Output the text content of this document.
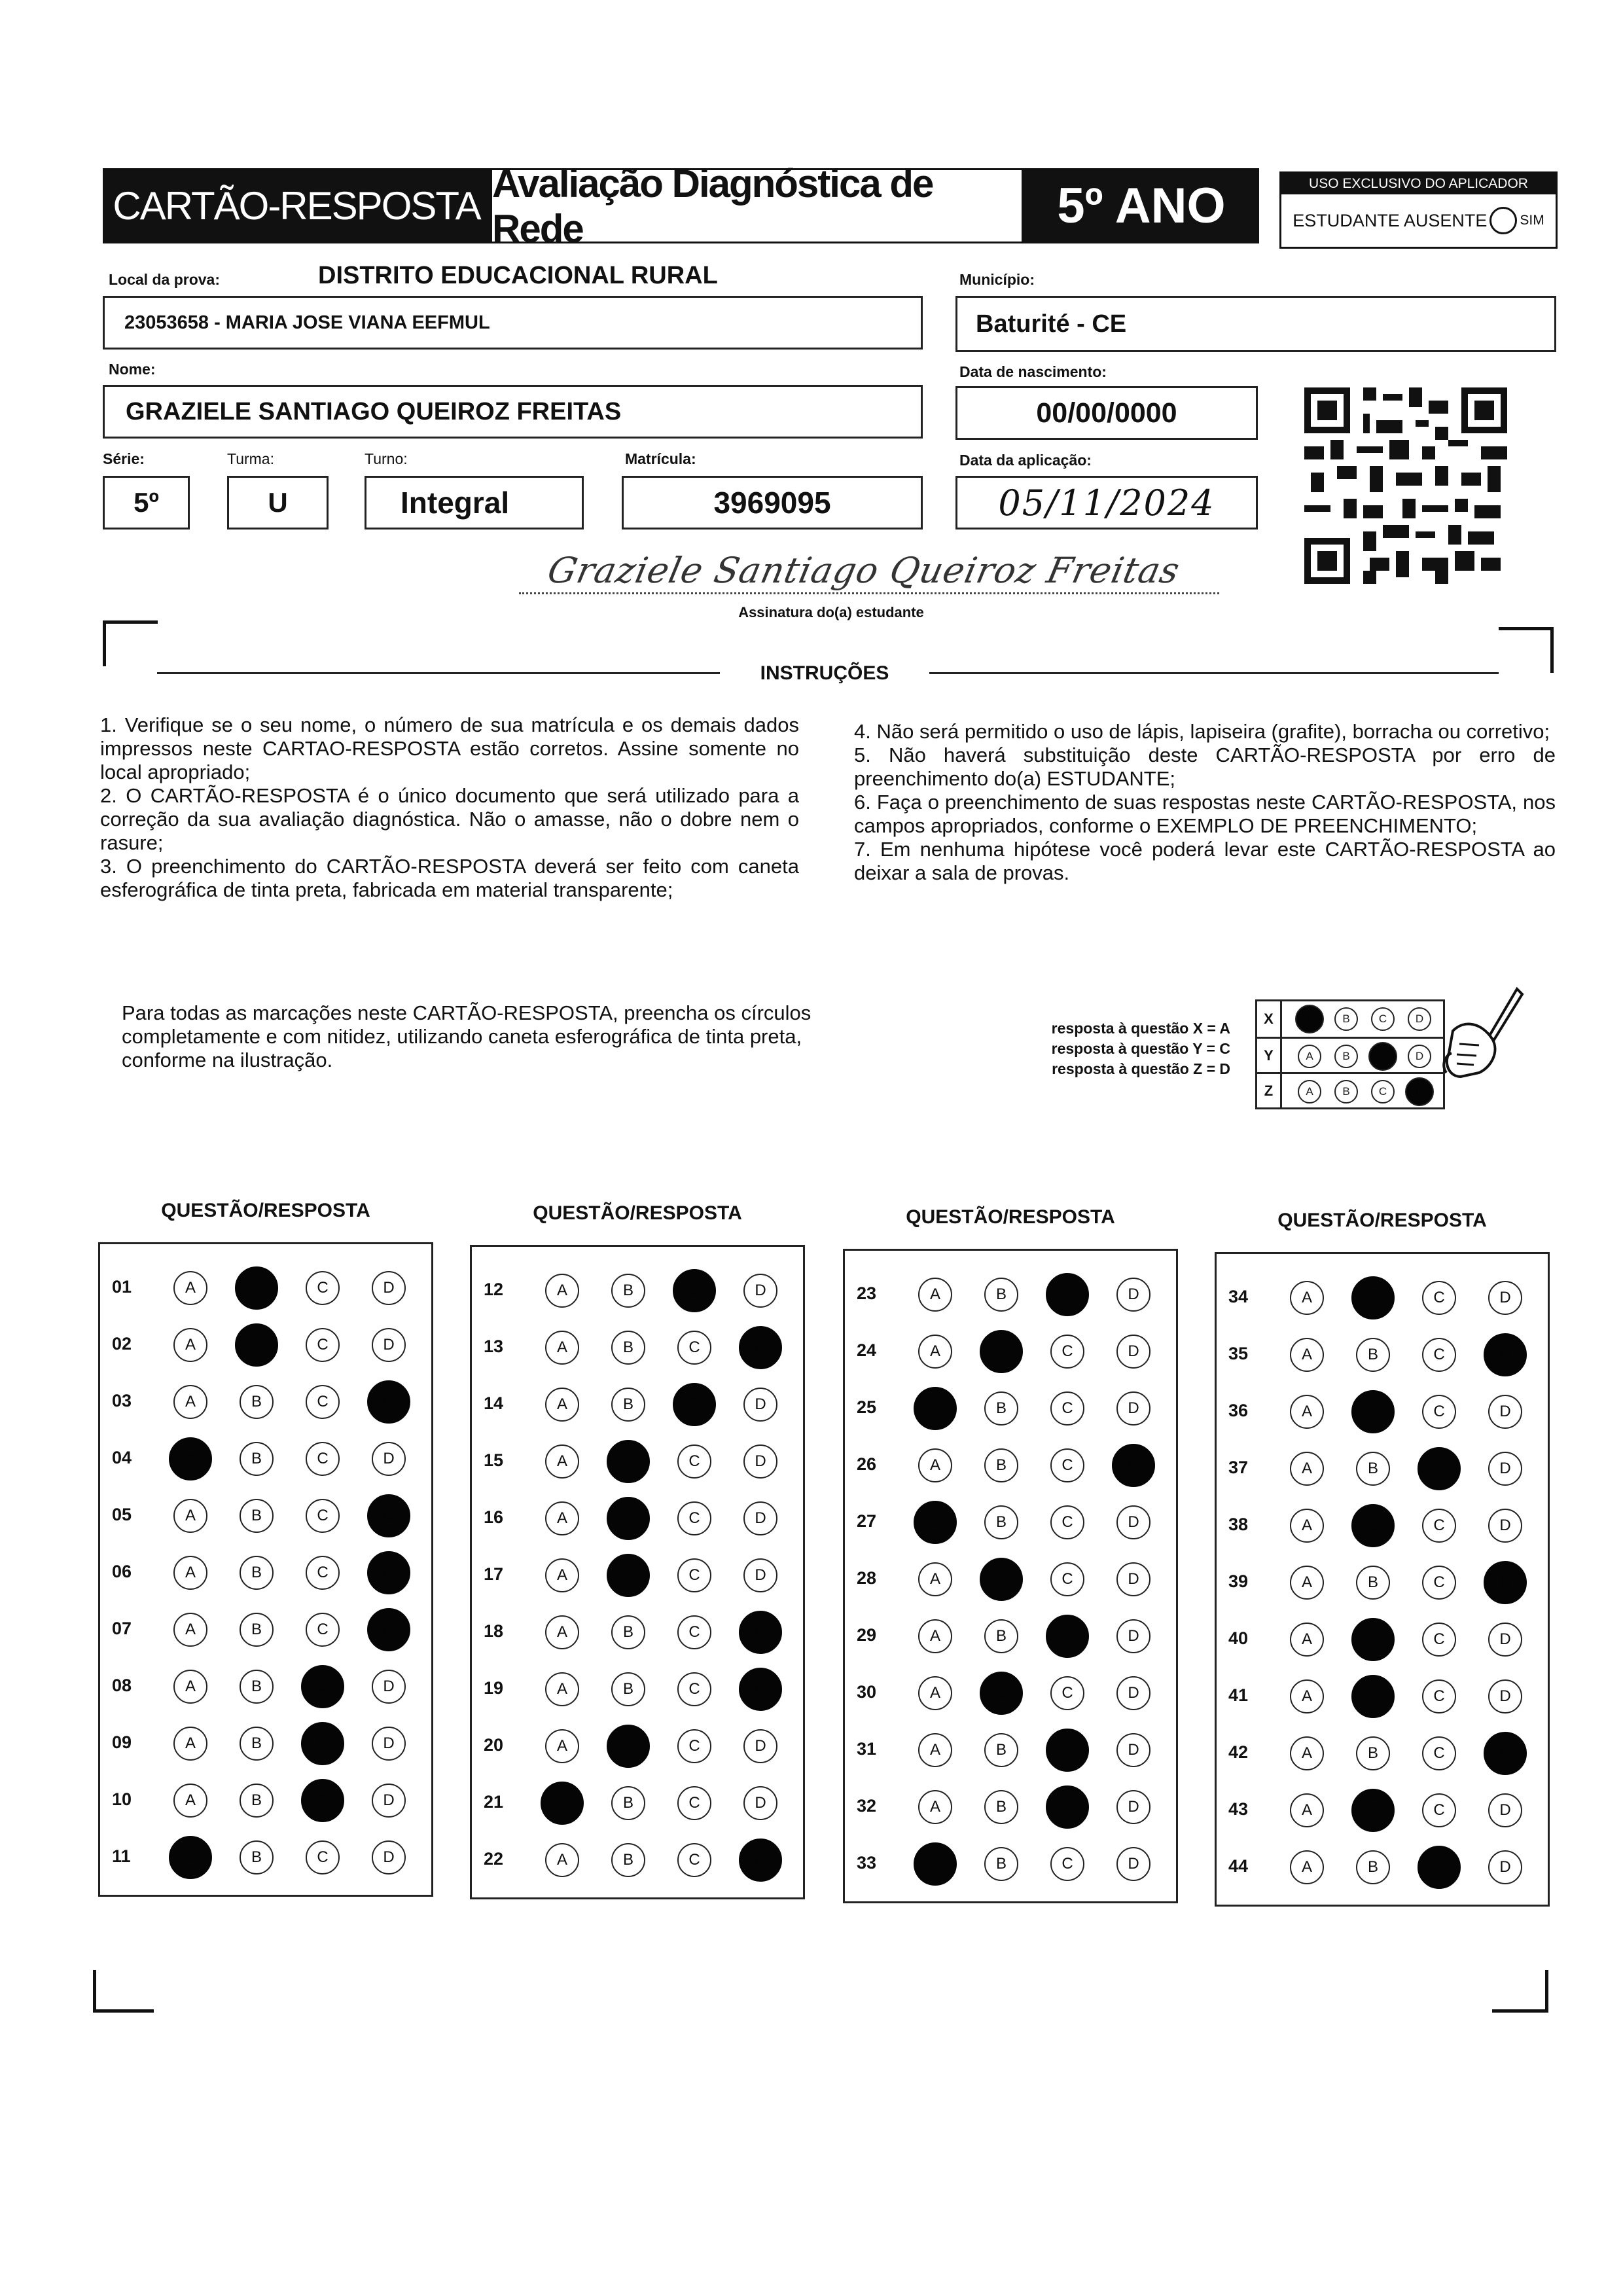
CARTÃO-RESPOSTA
Avaliação Diagnóstica de Rede	5º ANO	USO EXCLUSIVO DO APLICADOR
ESTUDANTE AUSENTE SIM
Local da prova:	DISTRITO EDUCACIONAL RURAL
23053658 - MARIA JOSE VIANA EEFMUL
Município:
Baturité - CE
Nome:
GRAZIELE SANTIAGO QUEIROZ FREITAS
Data de nascimento:
00/00/0000
Série:
5º
Turma:
U
Turno:
Integral
Matrícula:
3969095
Data da aplicação:
05/11/2024
Graziele Santiago Queiroz Freitas
Assinatura do(a) estudante
INSTRUÇÕES

1. Verifique se o seu nome, o número de sua matrícula e os demais dados impressos neste CARTAO-RESPOSTA estão corretos. Assine somente no local apropriado;

2. O CARTÃO-RESPOSTA é o único documento que será utilizado para a correção da sua avaliação diagnóstica. Não o amasse, não o dobre nem o rasure;

3. O preenchimento do CARTÃO-RESPOSTA deverá ser feito com caneta esferográfica de tinta preta, fabricada em material transparente;

4. Não será permitido o uso de lápis, lapiseira (grafite), borracha ou corretivo;

5. Não haverá substituição deste CARTÃO-RESPOSTA por erro de preenchimento do(a) ESTUDANTE;

6. Faça o preenchimento de suas respostas neste CARTÃO-RESPOSTA, nos campos apropriados, conforme o EXEMPLO DE PREENCHIMENTO;

7. Em nenhuma hipótese você poderá levar este CARTÃO-RESPOSTA ao deixar a sala de provas.

Para todas as marcações neste CARTÃO-RESPOSTA, preencha os círculos completamente e com nitidez, utilizando caneta esferográfica de tinta preta, conforme na ilustração.
resposta à questão X = A
resposta à questão Y = C
resposta à questão Z = D
X	A	B	C	D
Y	A	B	C	D
Z	A	B	C	D
QUESTÃO/RESPOSTA
01	A	B	C	D
02	A	B	C	D
03	A	B	C	D
04	A	B	C	D
05	A	B	C	D
06	A	B	C	D
07	A	B	C	D
08	A	B	C	D
09	A	B	C	D
10	A	B	C	D
11	A	B	C	D
QUESTÃO/RESPOSTA
12	A	B	C	D
13	A	B	C	D
14	A	B	C	D
15	A	B	C	D
16	A	B	C	D
17	A	B	C	D
18	A	B	C	D
19	A	B	C	D
20	A	B	C	D
21	A	B	C	D
22	A	B	C	D
QUESTÃO/RESPOSTA
23	A	B	C	D
24	A	B	C	D
25	A	B	C	D
26	A	B	C	D
27	A	B	C	D
28	A	B	C	D
29	A	B	C	D
30	A	B	C	D
31	A	B	C	D
32	A	B	C	D
33	A	B	C	D
QUESTÃO/RESPOSTA
34	A	B	C	D
35	A	B	C	D
36	A	B	C	D
37	A	B	C	D
38	A	B	C	D
39	A	B	C	D
40	A	B	C	D
41	A	B	C	D
42	A	B	C	D
43	A	B	C	D
44	A	B	C	D
